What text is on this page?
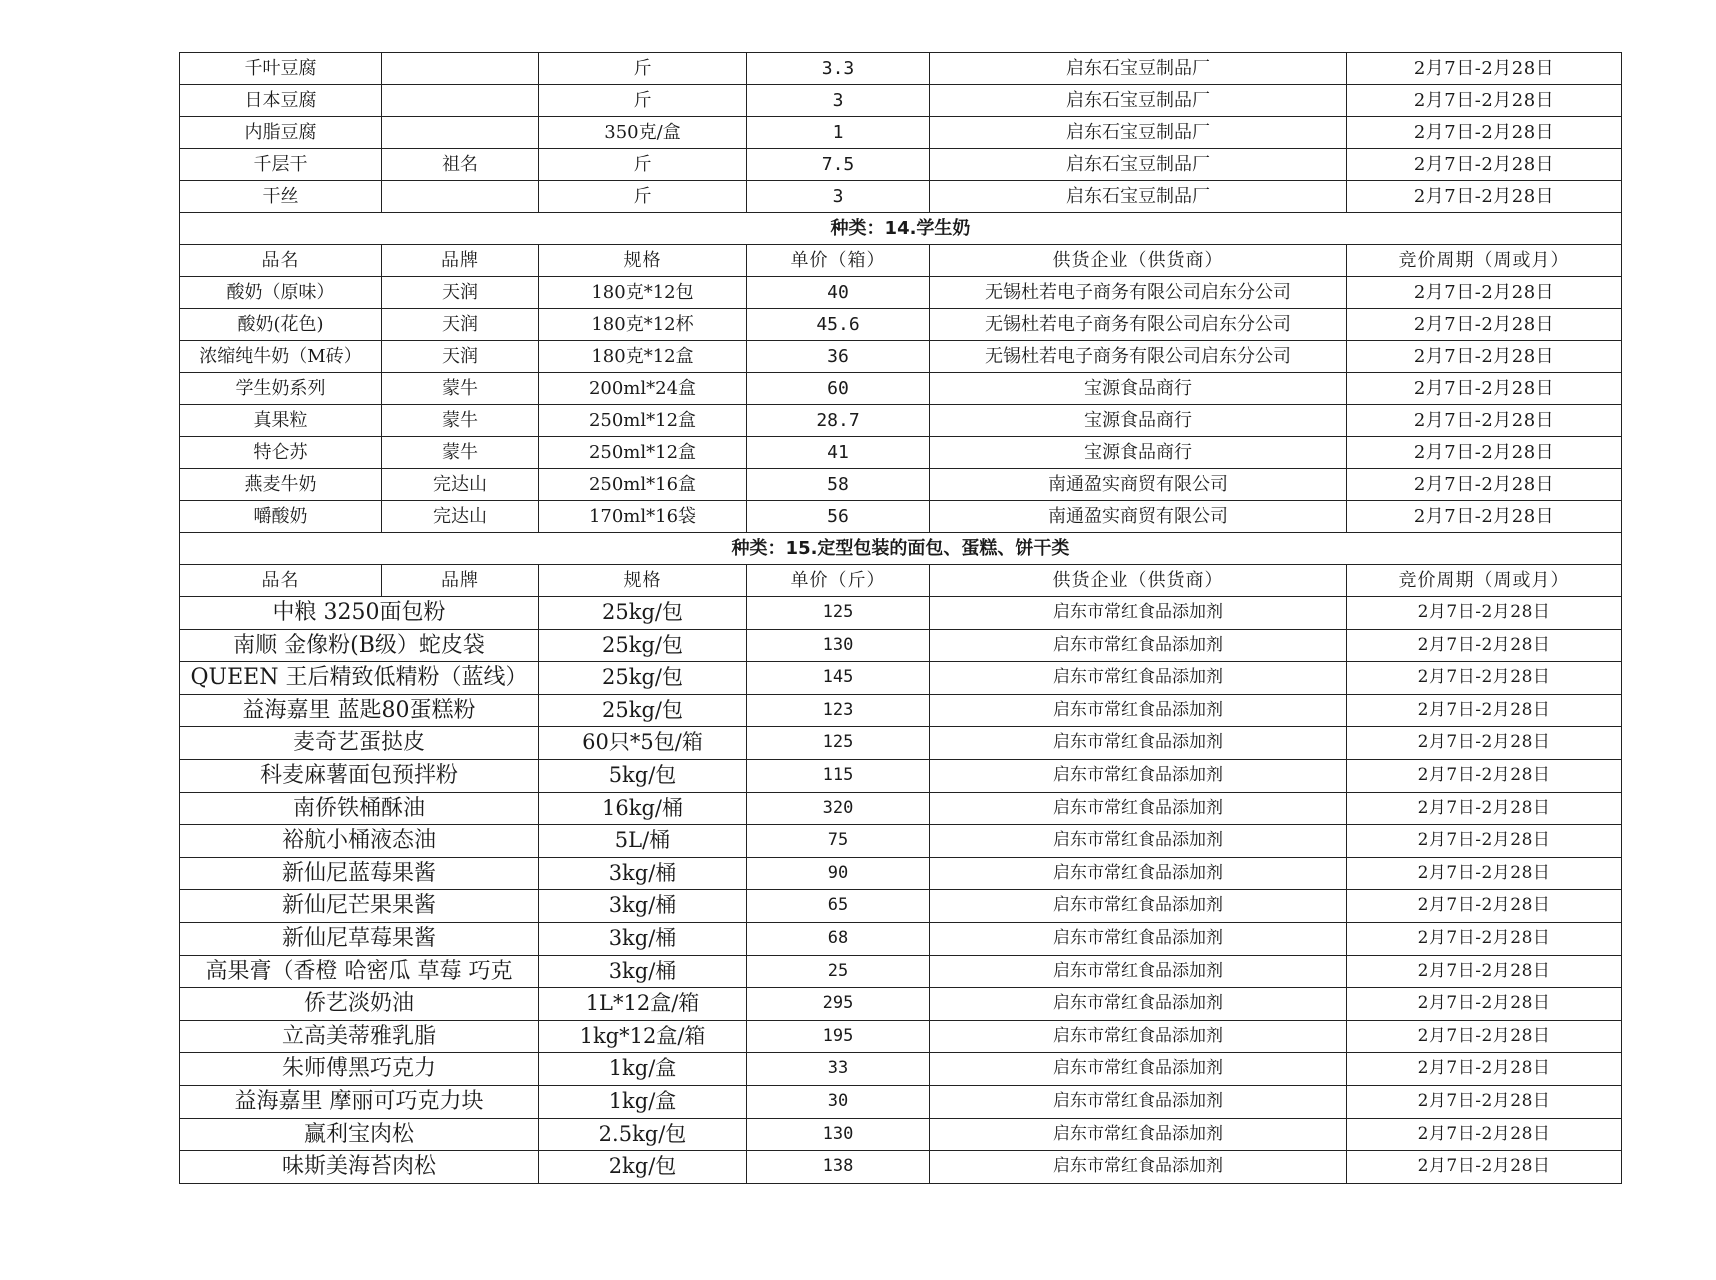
千叶豆腐		斤	3.3	启东石宝豆制品厂	2月7日-2月28日
日本豆腐		斤	3	启东石宝豆制品厂	2月7日-2月28日
内脂豆腐		350克/盒	1	启东石宝豆制品厂	2月7日-2月28日
千层干	祖名	斤	7.5	启东石宝豆制品厂	2月7日-2月28日
干丝		斤	3	启东石宝豆制品厂	2月7日-2月28日
种类：14.学生奶					
品名	品牌	规格	单价（箱）	供货企业（供货商）	竞价周期（周或月）
酸奶（原味）	天润	180克*12包	40	无锡杜若电子商务有限公司启东分公司	2月7日-2月28日
酸奶(花色)	天润	180克*12杯	45.6	无锡杜若电子商务有限公司启东分公司	2月7日-2月28日
浓缩纯牛奶（M砖）	天润	180克*12盒	36	无锡杜若电子商务有限公司启东分公司	2月7日-2月28日
学生奶系列	蒙牛	200ml*24盒	60	宝源食品商行	2月7日-2月28日
真果粒	蒙牛	250ml*12盒	28.7	宝源食品商行	2月7日-2月28日
特仑苏	蒙牛	250ml*12盒	41	宝源食品商行	2月7日-2月28日
燕麦牛奶	完达山	250ml*16盒	58	南通盈实商贸有限公司	2月7日-2月28日
嚼酸奶	完达山	170ml*16袋	56	南通盈实商贸有限公司	2月7日-2月28日
种类：15.定型包装的面包、蛋糕、饼干类					
品名	品牌	规格	单价（斤）	供货企业（供货商）	竞价周期（周或月）
中粮 3250面包粉		25kg/包	125	启东市常红食品添加剂	2月7日-2月28日
南顺 金像粉(B级）蛇皮袋		25kg/包	130	启东市常红食品添加剂	2月7日-2月28日
QUEEN 王后精致低精粉（蓝线）		25kg/包	145	启东市常红食品添加剂	2月7日-2月28日
益海嘉里 蓝匙80蛋糕粉		25kg/包	123	启东市常红食品添加剂	2月7日-2月28日
麦奇艺蛋挞皮		60只*5包/箱	125	启东市常红食品添加剂	2月7日-2月28日
科麦麻薯面包预拌粉		5kg/包	115	启东市常红食品添加剂	2月7日-2月28日
南侨铁桶酥油		16kg/桶	320	启东市常红食品添加剂	2月7日-2月28日
裕航小桶液态油		5L/桶	75	启东市常红食品添加剂	2月7日-2月28日
新仙尼蓝莓果酱		3kg/桶	90	启东市常红食品添加剂	2月7日-2月28日
新仙尼芒果果酱		3kg/桶	65	启东市常红食品添加剂	2月7日-2月28日
新仙尼草莓果酱		3kg/桶	68	启东市常红食品添加剂	2月7日-2月28日
高果膏（香橙 哈密瓜 草莓 巧克		3kg/桶	25	启东市常红食品添加剂	2月7日-2月28日
侨艺淡奶油		1L*12盒/箱	295	启东市常红食品添加剂	2月7日-2月28日
立高美蒂雅乳脂		1kg*12盒/箱	195	启东市常红食品添加剂	2月7日-2月28日
朱师傅黑巧克力		1kg/盒	33	启东市常红食品添加剂	2月7日-2月28日
益海嘉里 摩丽可巧克力块		1kg/盒	30	启东市常红食品添加剂	2月7日-2月28日
赢利宝肉松		2.5kg/包	130	启东市常红食品添加剂	2月7日-2月28日
味斯美海苔肉松		2kg/包	138	启东市常红食品添加剂	2月7日-2月28日
